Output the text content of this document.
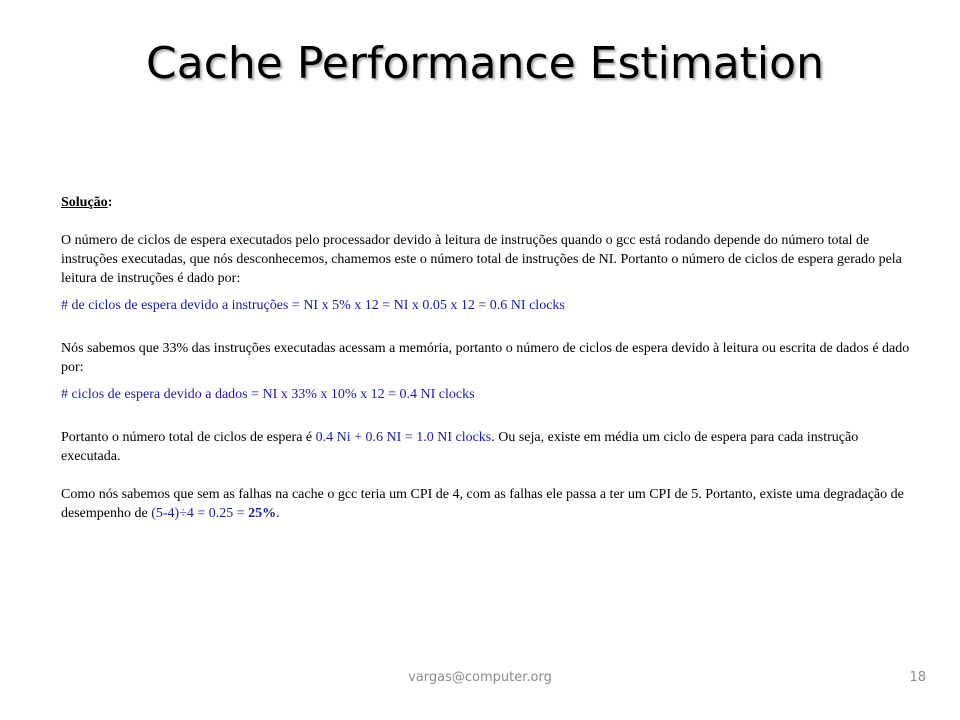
Cache Performance Estimation

Solução:

O número de ciclos de espera executados pelo processador devido à leitura de instruções quando o gcc está rodando depende do número total de instruções executadas, que nós desconhecemos, chamemos este o número total de instruções de NI. Portanto o número de ciclos de espera gerado pela leitura de instruções é dado por:

# de ciclos de espera devido a instruções = NI x 5% x 12 = NI x 0.05 x 12 = 0.6 NI clocks

Nós sabemos que 33% das instruções executadas acessam a memória, portanto o número de ciclos de espera devido à leitura ou escrita de dados é dado por:

# ciclos de espera devido a dados = NI x 33% x 10% x 12 = 0.4 NI clocks

Portanto o número total de ciclos de espera é 0.4 Ni + 0.6 NI = 1.0 NI clocks. Ou seja, existe em média um ciclo de espera para cada instrução executada.

Como nós sabemos que sem as falhas na cache o gcc teria um CPI de 4, com as falhas ele passa a ter um CPI de 5. Portanto, existe uma degradação de desempenho de (5-4)÷4 = 0.25 = 25%.

vargas@computer.org	18
